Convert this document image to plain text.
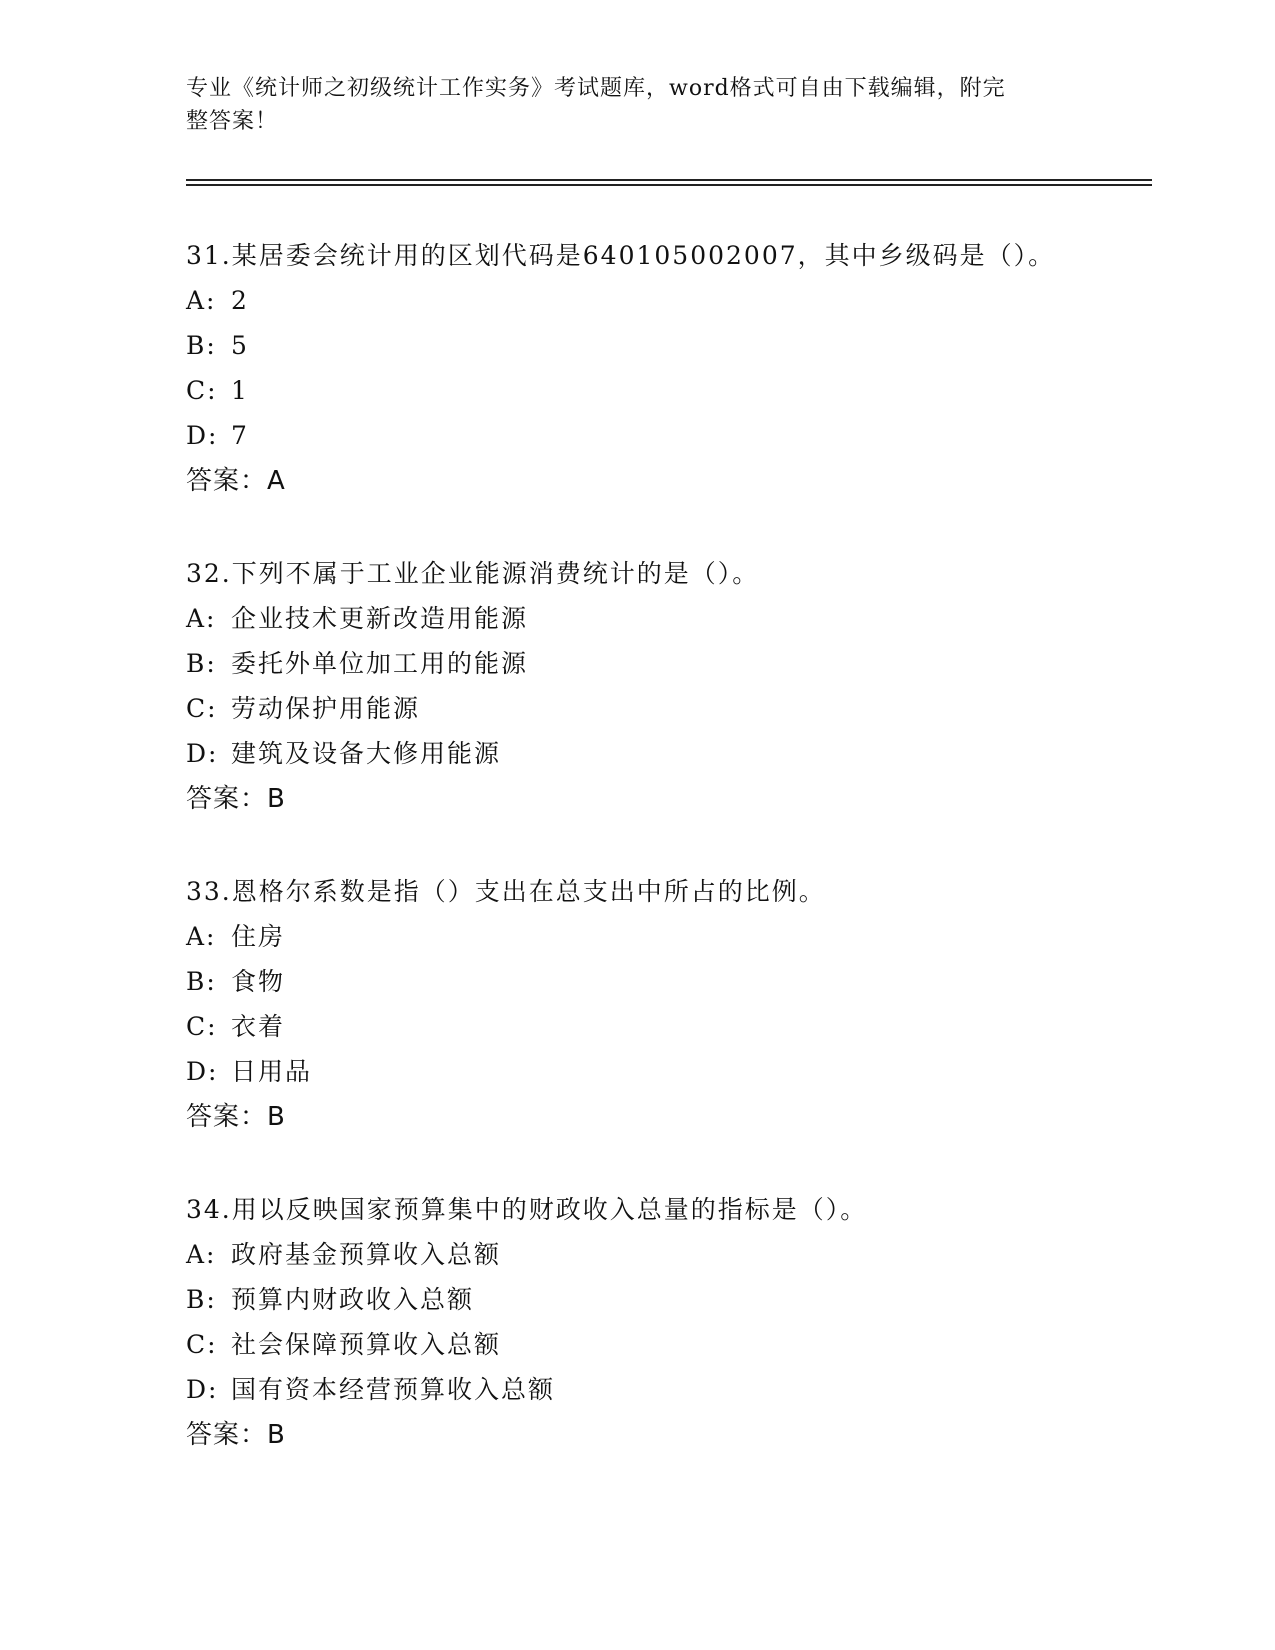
专业《统计师之初级统计工作实务》考试题库，word格式可自由下载编辑，附完
整答案！
31.某居委会统计用的区划代码是640105002007，其中乡级码是（）。
A: 2
B: 5
C: 1
D: 7
答案：A
32.下列不属于工业企业能源消费统计的是（）。
A: 企业技术更新改造用能源
B: 委托外单位加工用的能源
C: 劳动保护用能源
D: 建筑及设备大修用能源
答案：B
33.恩格尔系数是指（）支出在总支出中所占的比例。
A: 住房
B: 食物
C: 衣着
D: 日用品
答案：B
34.用以反映国家预算集中的财政收入总量的指标是（）。
A: 政府基金预算收入总额
B: 预算内财政收入总额
C: 社会保障预算收入总额
D: 国有资本经营预算收入总额
答案：B
